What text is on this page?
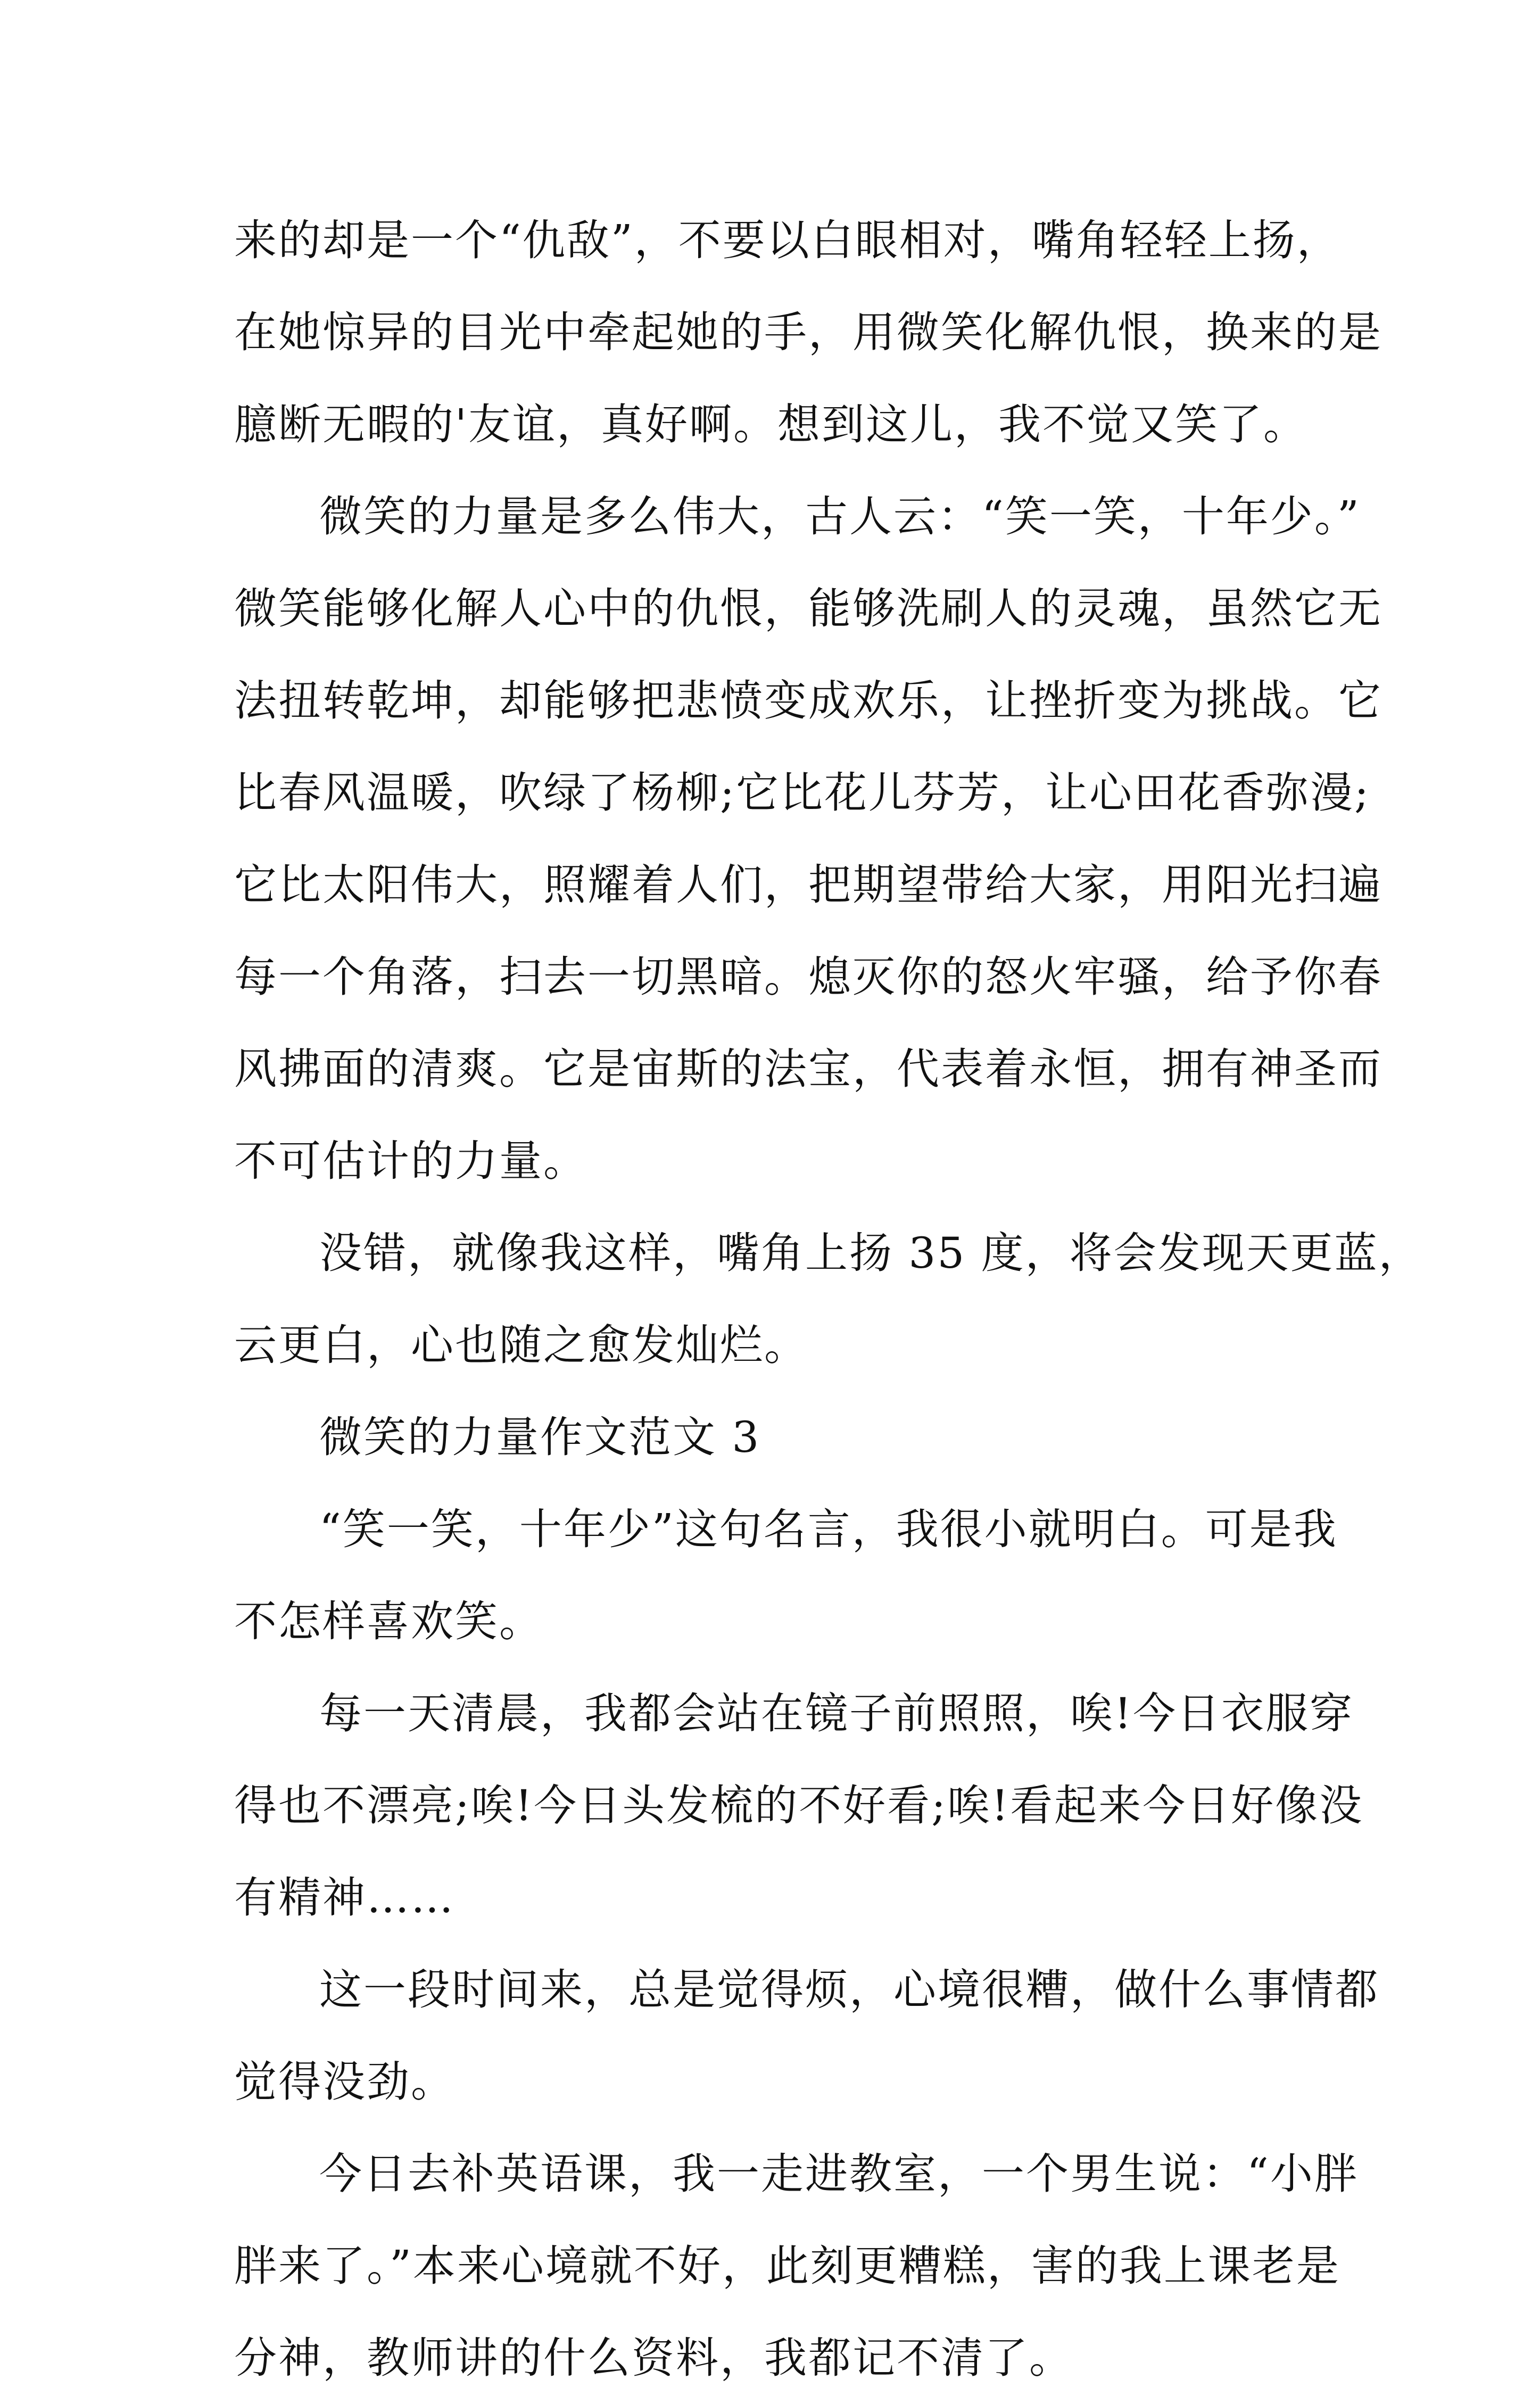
来的却是一个“仇敌”，不要以白眼相对，嘴角轻轻上扬，
在她惊异的目光中牵起她的手，用微笑化解仇恨，换来的是
臆断无暇的'友谊，真好啊。想到这儿，我不觉又笑了。
微笑的力量是多么伟大，古人云：“笑一笑，十年少。”
微笑能够化解人心中的仇恨，能够洗刷人的灵魂，虽然它无
法扭转乾坤，却能够把悲愤变成欢乐，让挫折变为挑战。它
比春风温暖，吹绿了杨柳;它比花儿芬芳，让心田花香弥漫;
它比太阳伟大，照耀着人们，把期望带给大家，用阳光扫遍
每一个角落，扫去一切黑暗。熄灭你的怒火牢骚，给予你春
风拂面的清爽。它是宙斯的法宝，代表着永恒，拥有神圣而
不可估计的力量。
没错，就像我这样，嘴角上扬 35 度，将会发现天更蓝，
云更白，心也随之愈发灿烂。
微笑的力量作文范文 3
“笑一笑，十年少”这句名言，我很小就明白。可是我
不怎样喜欢笑。
每一天清晨，我都会站在镜子前照照，唉!今日衣服穿
得也不漂亮;唉!今日头发梳的不好看;唉!看起来今日好像没
有精神……
这一段时间来，总是觉得烦，心境很糟，做什么事情都
觉得没劲。
今日去补英语课，我一走进教室，一个男生说：“小胖
胖来了。”本来心境就不好，此刻更糟糕，害的我上课老是
分神，教师讲的什么资料，我都记不清了。
